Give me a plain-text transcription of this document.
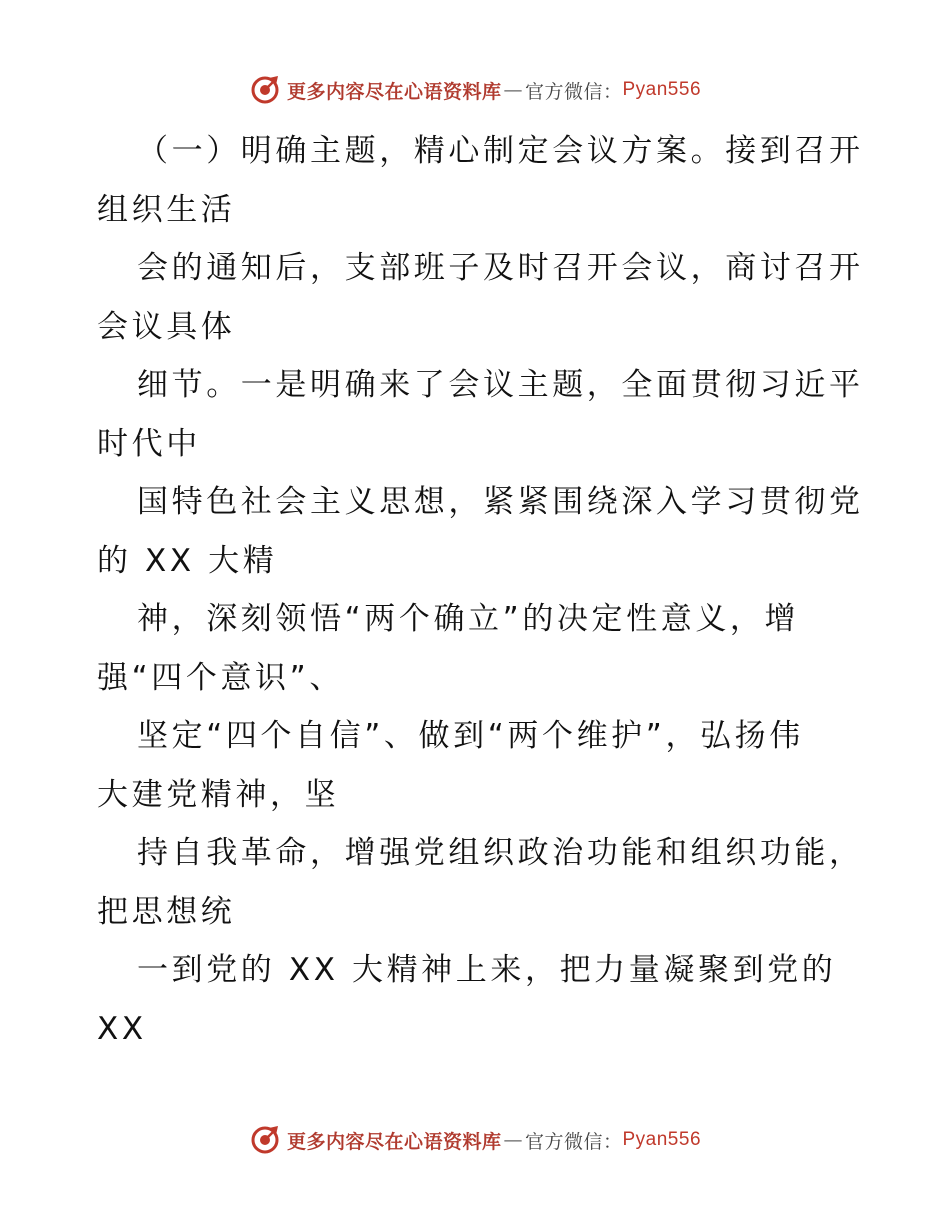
更多内容尽在心语资料库 — 官方微信： Pyan556
（一）明确主题，精心制定会议方案。接到召开
组织生活
会的通知后，支部班子及时召开会议，商讨召开
会议具体
细节。一是明确来了会议主题，全面贯彻习近平
时代中
国特色社会主义思想，紧紧围绕深入学习贯彻党
的 XX 大精
神，深刻领悟“两个确立”的决定性意义，增
强“四个意识”、
坚定“四个自信”、做到“两个维护”，弘扬伟
大建党精神，坚
持自我革命，增强党组织政治功能和组织功能，
把思想统
一到党的 XX 大精神上来，把力量凝聚到党的
XX
更多内容尽在心语资料库 — 官方微信： Pyan556
